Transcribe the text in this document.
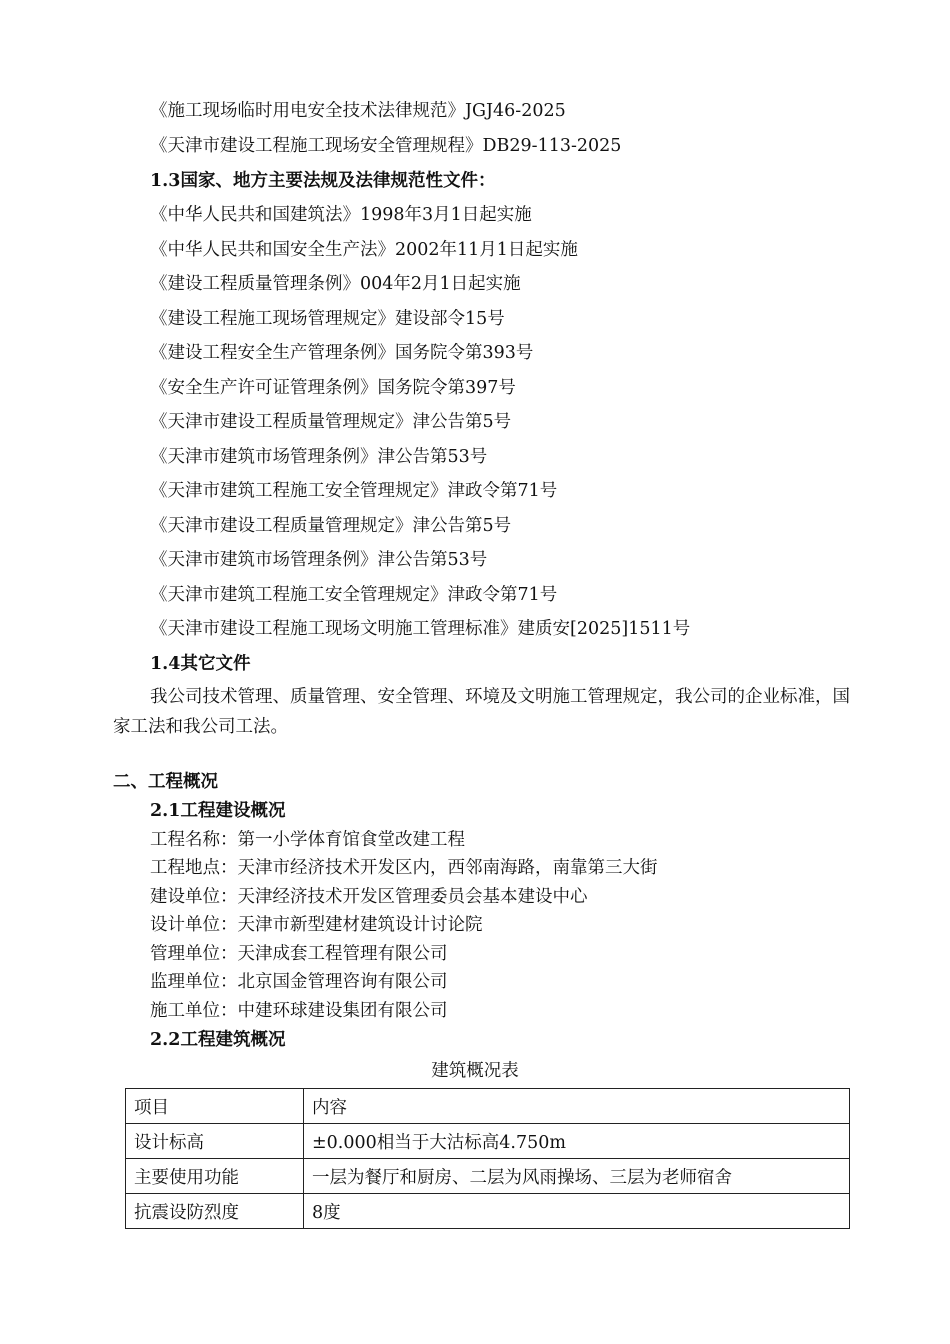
《施工现场临时用电安全技术法律规范》JGJ46-2025
《天津市建设工程施工现场安全管理规程》DB29-113-2025
1.3国家、地方主要法规及法律规范性文件：
《中华人民共和国建筑法》1998年3月1日起实施
《中华人民共和国安全生产法》2002年11月1日起实施
《建设工程质量管理条例》004年2月1日起实施
《建设工程施工现场管理规定》建设部令15号
《建设工程安全生产管理条例》国务院令第393号
《安全生产许可证管理条例》国务院令第397号
《天津市建设工程质量管理规定》津公告第5号
《天津市建筑市场管理条例》津公告第53号
《天津市建筑工程施工安全管理规定》津政令第71号
《天津市建设工程质量管理规定》津公告第5号
《天津市建筑市场管理条例》津公告第53号
《天津市建筑工程施工安全管理规定》津政令第71号
《天津市建设工程施工现场文明施工管理标准》建质安[2025]1511号
1.4其它文件
我公司技术管理、质量管理、安全管理、环境及文明施工管理规定，我公司的企业标准，国家工法和我公司工法。
二、工程概况
2.1工程建设概况
工程名称：第一小学体育馆食堂改建工程
工程地点：天津市经济技术开发区内，西邻南海路，南靠第三大街
建设单位：天津经济技术开发区管理委员会基本建设中心
设计单位：天津市新型建材建筑设计讨论院
管理单位：天津成套工程管理有限公司
监理单位：北京国金管理咨询有限公司
施工单位：中建环球建设集团有限公司
2.2工程建筑概况
建筑概况表
项目	内容
设计标高	±0.000相当于大沽标高4.750m
主要使用功能	一层为餐厅和厨房、二层为风雨操场、三层为老师宿舍
抗震设防烈度	8度
